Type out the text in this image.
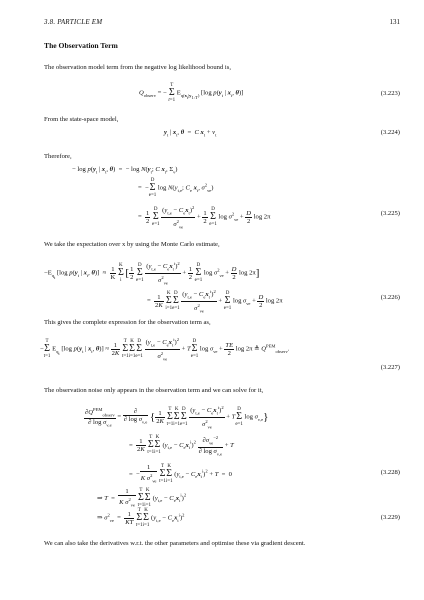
3.8. PARTICLE EM	131
The Observation Term
The observation model term from the negative log likelihood bound is,
$Q_{observ}$ = − T
Σ
t=1 $E_{q(x_t|y_{1:T})}$ [log $p(y_t$ | $x_t$, θ)]	(3.223)
From the state-space model,
$y_t$ | $x_t$, θ  =  C $x_t + \nu_t$	(3.224)
Therefore,
− $\log p(y_t$ | $x_t$, θ)  =  − $\log N(y_t$; C $x_t$, $\Sigma_\nu$)
=  −D
Σ
e=1 $\log N(y_{t,e}$; $C_e$ $x_t$, $\sigma^2_{\nu e}$)
= $\frac{1}{2}$ D
Σ
$e=1 \frac{(y_{t,e} - C_ex_t)^2}{\sigma^2_{\nu e}} + \frac{1}{2}$ D
Σ
e=1 $\log \sigma^2_{\nu e} + \frac{D}{2}$ log 2π
(3.225)
We take the expectation over x by using the Monte Carlo estimate,
$-E_{q_t}$ [log $p(y_t$ | $x_t$, $\theta)] \approx \frac{1}{K}$ K
Σ
i [ $\frac{1}{2}$ D
Σ
$e=1 \frac{(y_{t,e} - C_ex_t^i)^2}{\sigma^2_{\nu e}} + \frac{1}{2}$ D
Σ
e=1 $\log \sigma^2_{\nu e} + \frac{D}{2}$ log 2π]
= $\frac{1}{2K}$ K
Σ
i=1D
Σ
$e=1 \frac{(y_{t,e} - C_ex_t^i)^2}{\sigma^2_{\nu e}} + D$
Σ
e=1 $\log \sigma_{\nu e} + \frac{D}{2}$ log 2π
(3.226)
This gives the complete expression for the observation term as,
−T
Σ
t=1 $E_{q_t}$ [log $p(y_t$ | $x_t$, $\theta)] \approx \frac{1}{2K}$ T
Σ
t=1K
Σ
i=1D
Σ
$e=1 \frac{(y_{t,e} - C_ex_t^i)^2}{\sigma^2_{\nu e}}$ + TD
Σ
e=1 $\log \sigma_{\nu e} + \frac{TE}{2}$ log 2π ≜ $Q^{PEM}_{observ}$.
(3.227)
The observation noise only appears in the observation term and we can solve for it,
$\frac{\partial Q^{PEM}_{observ}}{\partial \log \sigma_{\nu,e}} = \frac{\partial}{\partial \log \sigma_{\nu,e}}$ { $\frac{1}{2K}$ T
Σ
t=1K
Σ
i=1D
Σ
$e=1 \frac{(y_{t,e} - C_ex_t^i)^2}{\sigma^2_{\nu e}}$ + TD
Σ
e=1 $\log \sigma_{\nu,e}$}
= $\frac{1}{2K}$ T
Σ
t=1K
Σ
i=1 $(y_{t,e} - C_ex_t^i)^2 \frac{\partial\sigma_{\nu e}^{-2}}{\partial \log \sigma_{\nu,e}} + T$
=  − $\frac{1}{K \sigma^2_{\nu e}}$ T
Σ
t=1K
Σ
i=1 $(y_{t,e} - C_ex_t^i)^2 + T = 0$
⇒ $T = \frac{1}{K \sigma^2_{\nu e}}$ T
Σ
t=1K
Σ
i=1 $(y_{t,e} - C_ex_t^i)^2$
(3.228)
⇒ $\sigma^2_{\nu e} = \frac{1}{KT}$ T
Σ
t=1K
Σ
i=1 $(y_{t,e} - C_ex_t^i)^2$	(3.229)
We can also take the derivatives w.r.t. the other parameters and optimise these via gradient descent.
